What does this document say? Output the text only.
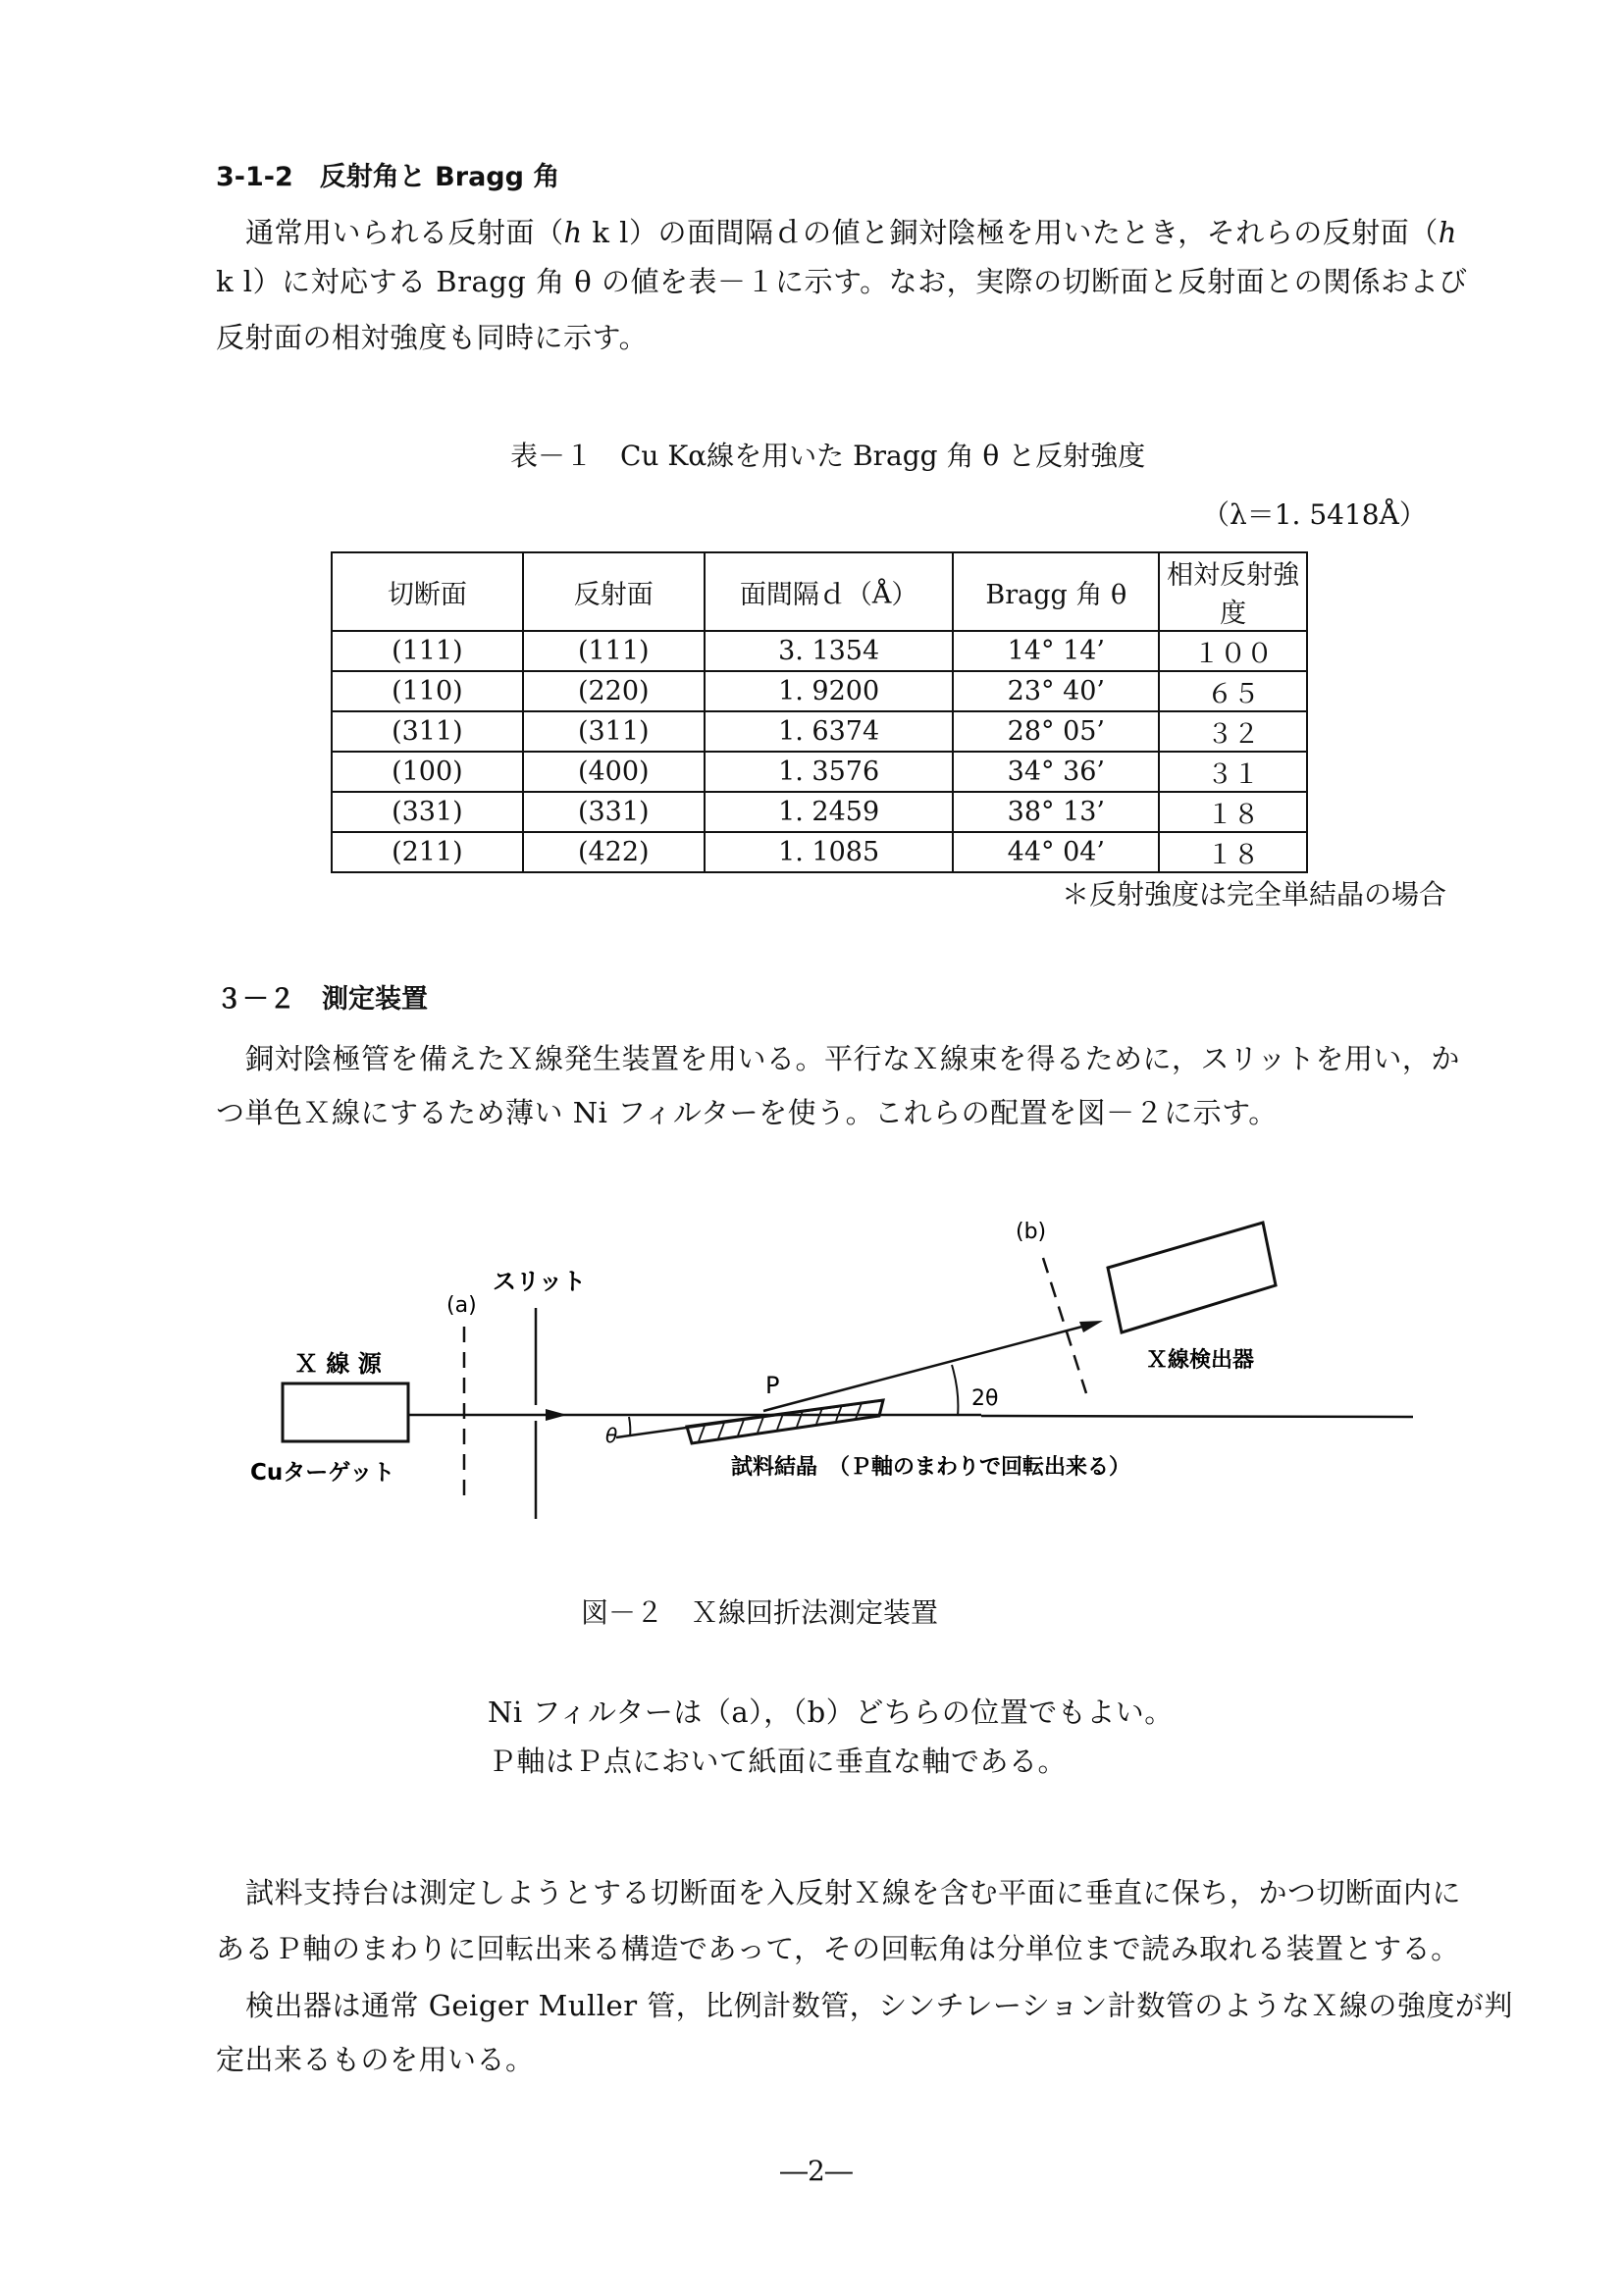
3-1-2　反射角と Bragg 角
通常用いられる反射面（ℎ k l）の面間隔ｄの値と銅対陰極を用いたとき，それらの反射面（ℎ
k l）に対応する Bragg 角 θ の値を表－１に示す。なお，実際の切断面と反射面との関係および
反射面の相対強度も同時に示す。
表－１　Cu Kα線を用いた Bragg 角 θ と反射強度
（λ＝1. 5418Å）
切断面	反射面	面間隔ｄ（Å）	Bragg 角 θ	相対反射強度
(111)	(111)	3. 1354	14° 14’	１００
(110)	(220)	1. 9200	23° 40’	６５
(311)	(311)	1. 6374	28° 05’	３２
(100)	(400)	1. 3576	34° 36’	３１
(331)	(331)	1. 2459	38° 13’	１８
(211)	(422)	1. 1085	44° 04’	１８
＊反射強度は完全単結晶の場合
３－２　測定装置
銅対陰極管を備えたＸ線発生装置を用いる。平行なＸ線束を得るために，スリットを用い，か
つ単色Ｘ線にするため薄い Ni フィルターを使う。これらの配置を図－２に示す。
Ｘ 線 源
Cuターゲット
(a)
スリット
(b)
Ｘ線検出器
P
θ
2θ
試料結晶　（Ｐ軸のまわりで回転出来る）
図－２　Ｘ線回折法測定装置
Ni フィルターは（a），（b）どちらの位置でもよい。
Ｐ軸はＰ点において紙面に垂直な軸である。
試料支持台は測定しようとする切断面を入反射Ｘ線を含む平面に垂直に保ち，かつ切断面内に
あるＰ軸のまわりに回転出来る構造であって，その回転角は分単位まで読み取れる装置とする。
検出器は通常 Geiger Muller 管，比例計数管，シンチレーション計数管のようなＸ線の強度が判
定出来るものを用いる。
―2―
